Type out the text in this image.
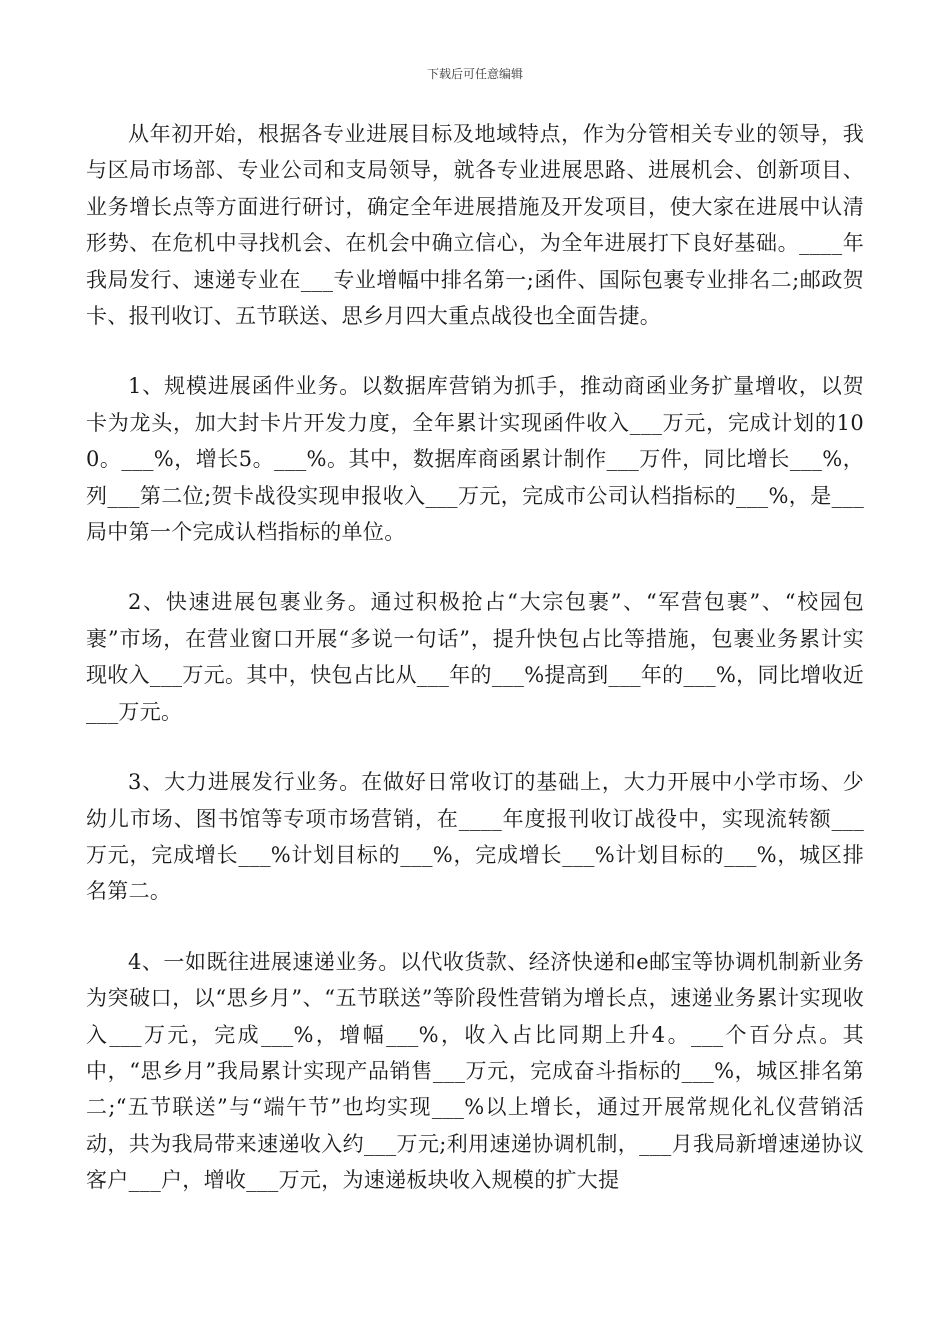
下载后可任意编辑

从年初开始，根据各专业进展目标及地域特点，作为分管相关专业的领导，我与区局市场部、专业公司和支局领导，就各专业进展思路、进展机会、创新项目、业务增长点等方面进行研讨，确定全年进展措施及开发项目，使大家在进展中认清形势、在危机中寻找机会、在机会中确立信心，为全年进展打下良好基础。____年我局发行、速递专业在___专业增幅中排名第一;函件、国际包裹专业排名二;邮政贺卡、报刊收订、五节联送、思乡月四大重点战役也全面告捷。

1、规模进展函件业务。以数据库营销为抓手，推动商函业务扩量增收，以贺卡为龙头，加大封卡片开发力度，全年累计实现函件收入___万元，完成计划的100。___%，增长5。___%。其中，数据库商函累计制作___万件，同比增长___%，列___第二位;贺卡战役实现申报收入___万元，完成市公司认档指标的___%，是___局中第一个完成认档指标的单位。

2、快速进展包裹业务。通过积极抢占“大宗包裹”、“军营包裹”、“校园包裹”市场，在营业窗口开展“多说一句话”，提升快包占比等措施，包裹业务累计实现收入___万元。其中，快包占比从___年的___%提高到___年的___%，同比增收近___万元。

3、大力进展发行业务。在做好日常收订的基础上，大力开展中小学市场、少幼儿市场、图书馆等专项市场营销，在____年度报刊收订战役中，实现流转额___万元，完成增长___%计划目标的___%，完成增长___%计划目标的___%，城区排名第二。

4、一如既往进展速递业务。以代收货款、经济快递和e邮宝等协调机制新业务为突破口，以“思乡月”、“五节联送”等阶段性营销为增长点，速递业务累计实现收入___万元，完成___%，增幅___%，收入占比同期上升4。___个百分点。其中，“思乡月”我局累计实现产品销售___万元，完成奋斗指标的___%，城区排名第二;“五节联送”与“端午节”也均实现___%以上增长，通过开展常规化礼仪营销活动，共为我局带来速递收入约___万元;利用速递协调机制，___月我局新增速递协议客户___户，增收___万元，为速递板块收入规模的扩大提
